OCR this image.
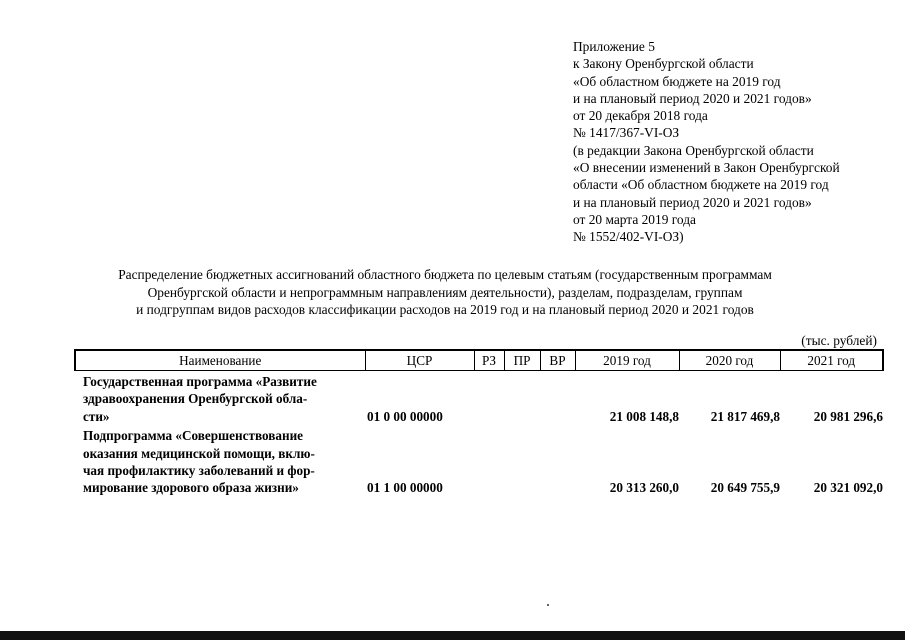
Приложение 5
к Закону Оренбургской области
«Об областном бюджете на 2019 год
и на плановый период 2020 и 2021 годов»
от 20 декабря 2018 года
№ 1417/367-VI-ОЗ
(в редакции Закона Оренбургской области
«О внесении изменений в Закон Оренбургской
области «Об областном бюджете на 2019 год
и на плановый период 2020 и 2021 годов»
от 20 марта 2019 года
№ 1552/402-VI-ОЗ)
Распределение бюджетных ассигнований областного бюджета по целевым статьям (государственным программам
Оренбургской области и непрограммным направлениям деятельности), разделам, подразделам, группам
и подгруппам видов расходов классификации расходов на 2019 год и на плановый период 2020 и 2021 годов
(тыс. рублей)
Наименование	ЦСР	РЗ	ПР	ВР	2019 год	2020 год	2021 год

Государственная программа «Развитие
здравоохранения Оренбургской обла-
сти»	01 0 00 00000				21 008 148,8	21 817 469,8	20 981 296,6

Подпрограмма «Совершенствование
оказания медицинской помощи, вклю-
чая профилактику заболеваний и фор-
мирование здорового образа жизни»	01 1 00 00000				20 313 260,0	20 649 755,9	20 321 092,0
